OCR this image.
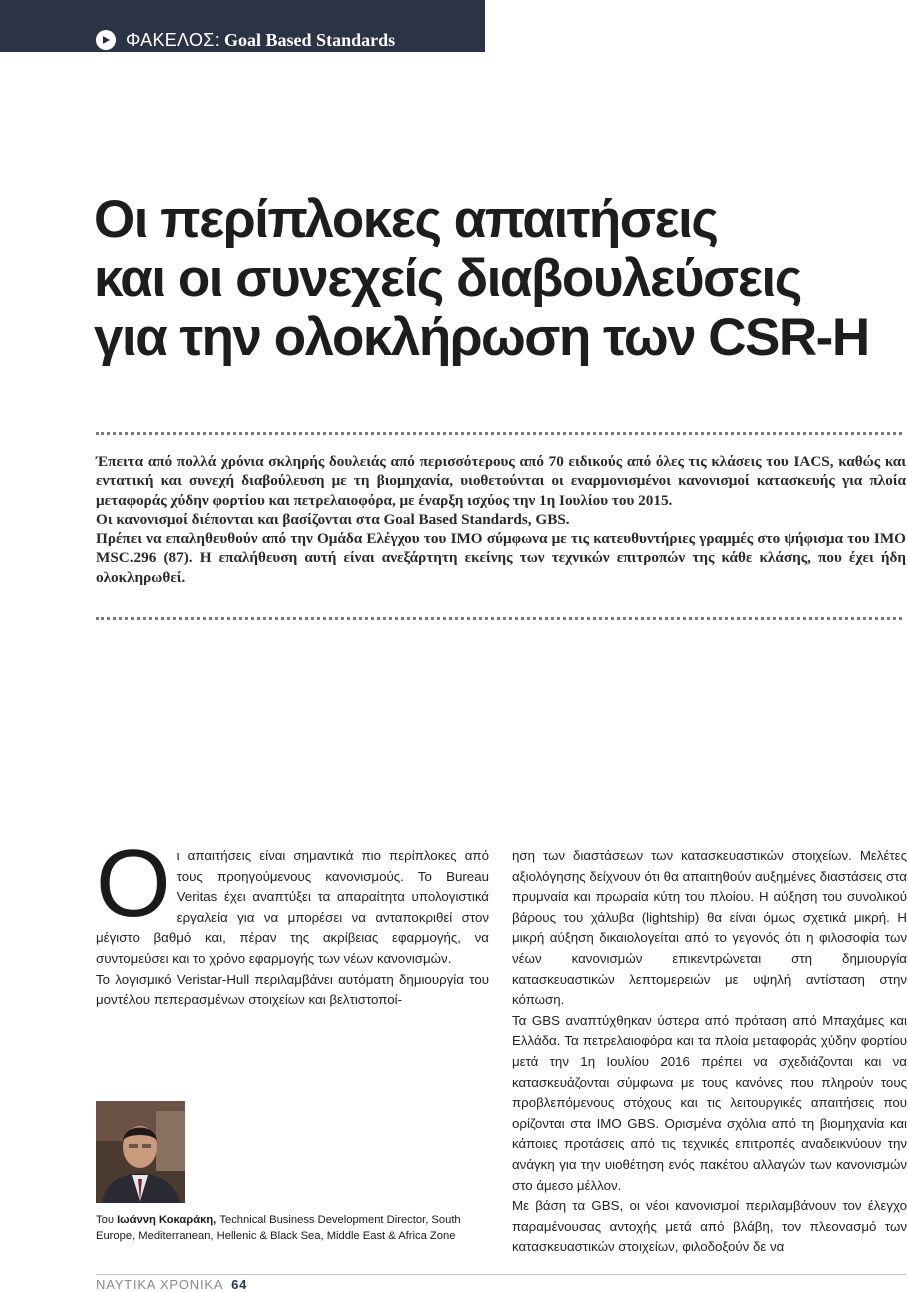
ΦΑΚΕΛΟΣ: Goal Based Standards
Οι περίπλοκες απαιτήσεις
και οι συνεχείς διαβουλεύσεις
για την ολοκλήρωση των CSR-H

Έπειτα από πολλά χρόνια σκληρής δουλειάς από περισσότερους από 70 ειδικούς από όλες τις κλάσεις του IACS, καθώς και εντατική και συνεχή διαβούλευση με τη βιομηχανία, υιοθετούνται οι εναρμονισμένοι κανονισμοί κατασκευής για πλοία μεταφοράς χύδην φορτίου και πετρελαιοφόρα, με έναρξη ισχύος την 1η Ιουλίου του 2015.

Οι κανονισμοί διέπονται και βασίζονται στα Goal Based Standards, GBS.

Πρέπει να επαληθευθούν από την Ομάδα Ελέγχου του IMO σύμφωνα με τις κατευθυντήριες γραμμές στο ψήφισμα του IMO MSC.296 (87). Η επαλήθευση αυτή είναι ανεξάρτητη εκείνης των τεχνικών επιτροπών της κάθε κλάσης, που έχει ήδη ολοκληρωθεί.

Οι απαιτήσεις είναι σημαντικά πιο περίπλοκες από τους προηγούμενους κανονισμούς. Το Bureau Veritas έχει αναπτύξει τα απαραίτητα υπολογιστικά εργαλεία για να μπορέσει να ανταποκριθεί στον μέγιστο βαθμό και, πέραν της ακρίβειας εφαρμογής, να συντομεύσει και το χρόνο εφαρμογής των νέων κανονισμών.

Το λογισμικό Veristar-Hull περιλαμβάνει αυτόματη δημιουργία του μοντέλου πεπερασμένων στοιχείων και βελτιστοποί-

ηση των διαστάσεων των κατασκευαστικών στοιχείων. Μελέτες αξιολόγησης δείχνουν ότι θα απαιτηθούν αυξημένες διαστάσεις στα πρυμναία και πρωραία κύτη του πλοίου. Η αύξηση του συνολικού βάρους του χάλυβα (lightship) θα είναι όμως σχετικά μικρή. Η μικρή αύξηση δικαιολογείται από το γεγονός ότι η φιλοσοφία των νέων κανονισμών επικεντρώνεται στη δημιουργία κατασκευαστικών λεπτομερειών με υψηλή αντίσταση στην κόπωση.

Τα GBS αναπτύχθηκαν ύστερα από πρόταση από Μπαχάμες και Ελλάδα. Τα πετρελαιοφόρα και τα πλοία μεταφοράς χύδην φορτίου μετά την 1η Ιουλίου 2016 πρέπει να σχεδιάζονται και να κατασκευάζονται σύμφωνα με τους κανόνες που πληρούν τους προβλεπόμενους στόχους και τις λειτουργικές απαιτήσεις που ορίζονται στα IMO GBS. Ορισμένα σχόλια από τη βιομηχανία και κάποιες προτάσεις από τις τεχνικές επιτροπές αναδεικνύουν την ανάγκη για την υιοθέτηση ενός πακέτου αλλαγών των κανονισμών στο άμεσο μέλλον.

Με βάση τα GBS, οι νέοι κανονισμοί περιλαμβάνουν τον έλεγχο παραμένουσας αντοχής μετά από βλάβη, τον πλεονασμό των κατασκευαστικών στοιχείων, φιλοδοξούν δε να

Του Ιωάννη Κοκαράκη, Technical Business Development Director, South Europe, Mediterranean, Hellenic & Black Sea, Middle East & Africa Zone
ΝΑΥΤΙΚΑ ΧΡΟΝΙΚΑ 64
